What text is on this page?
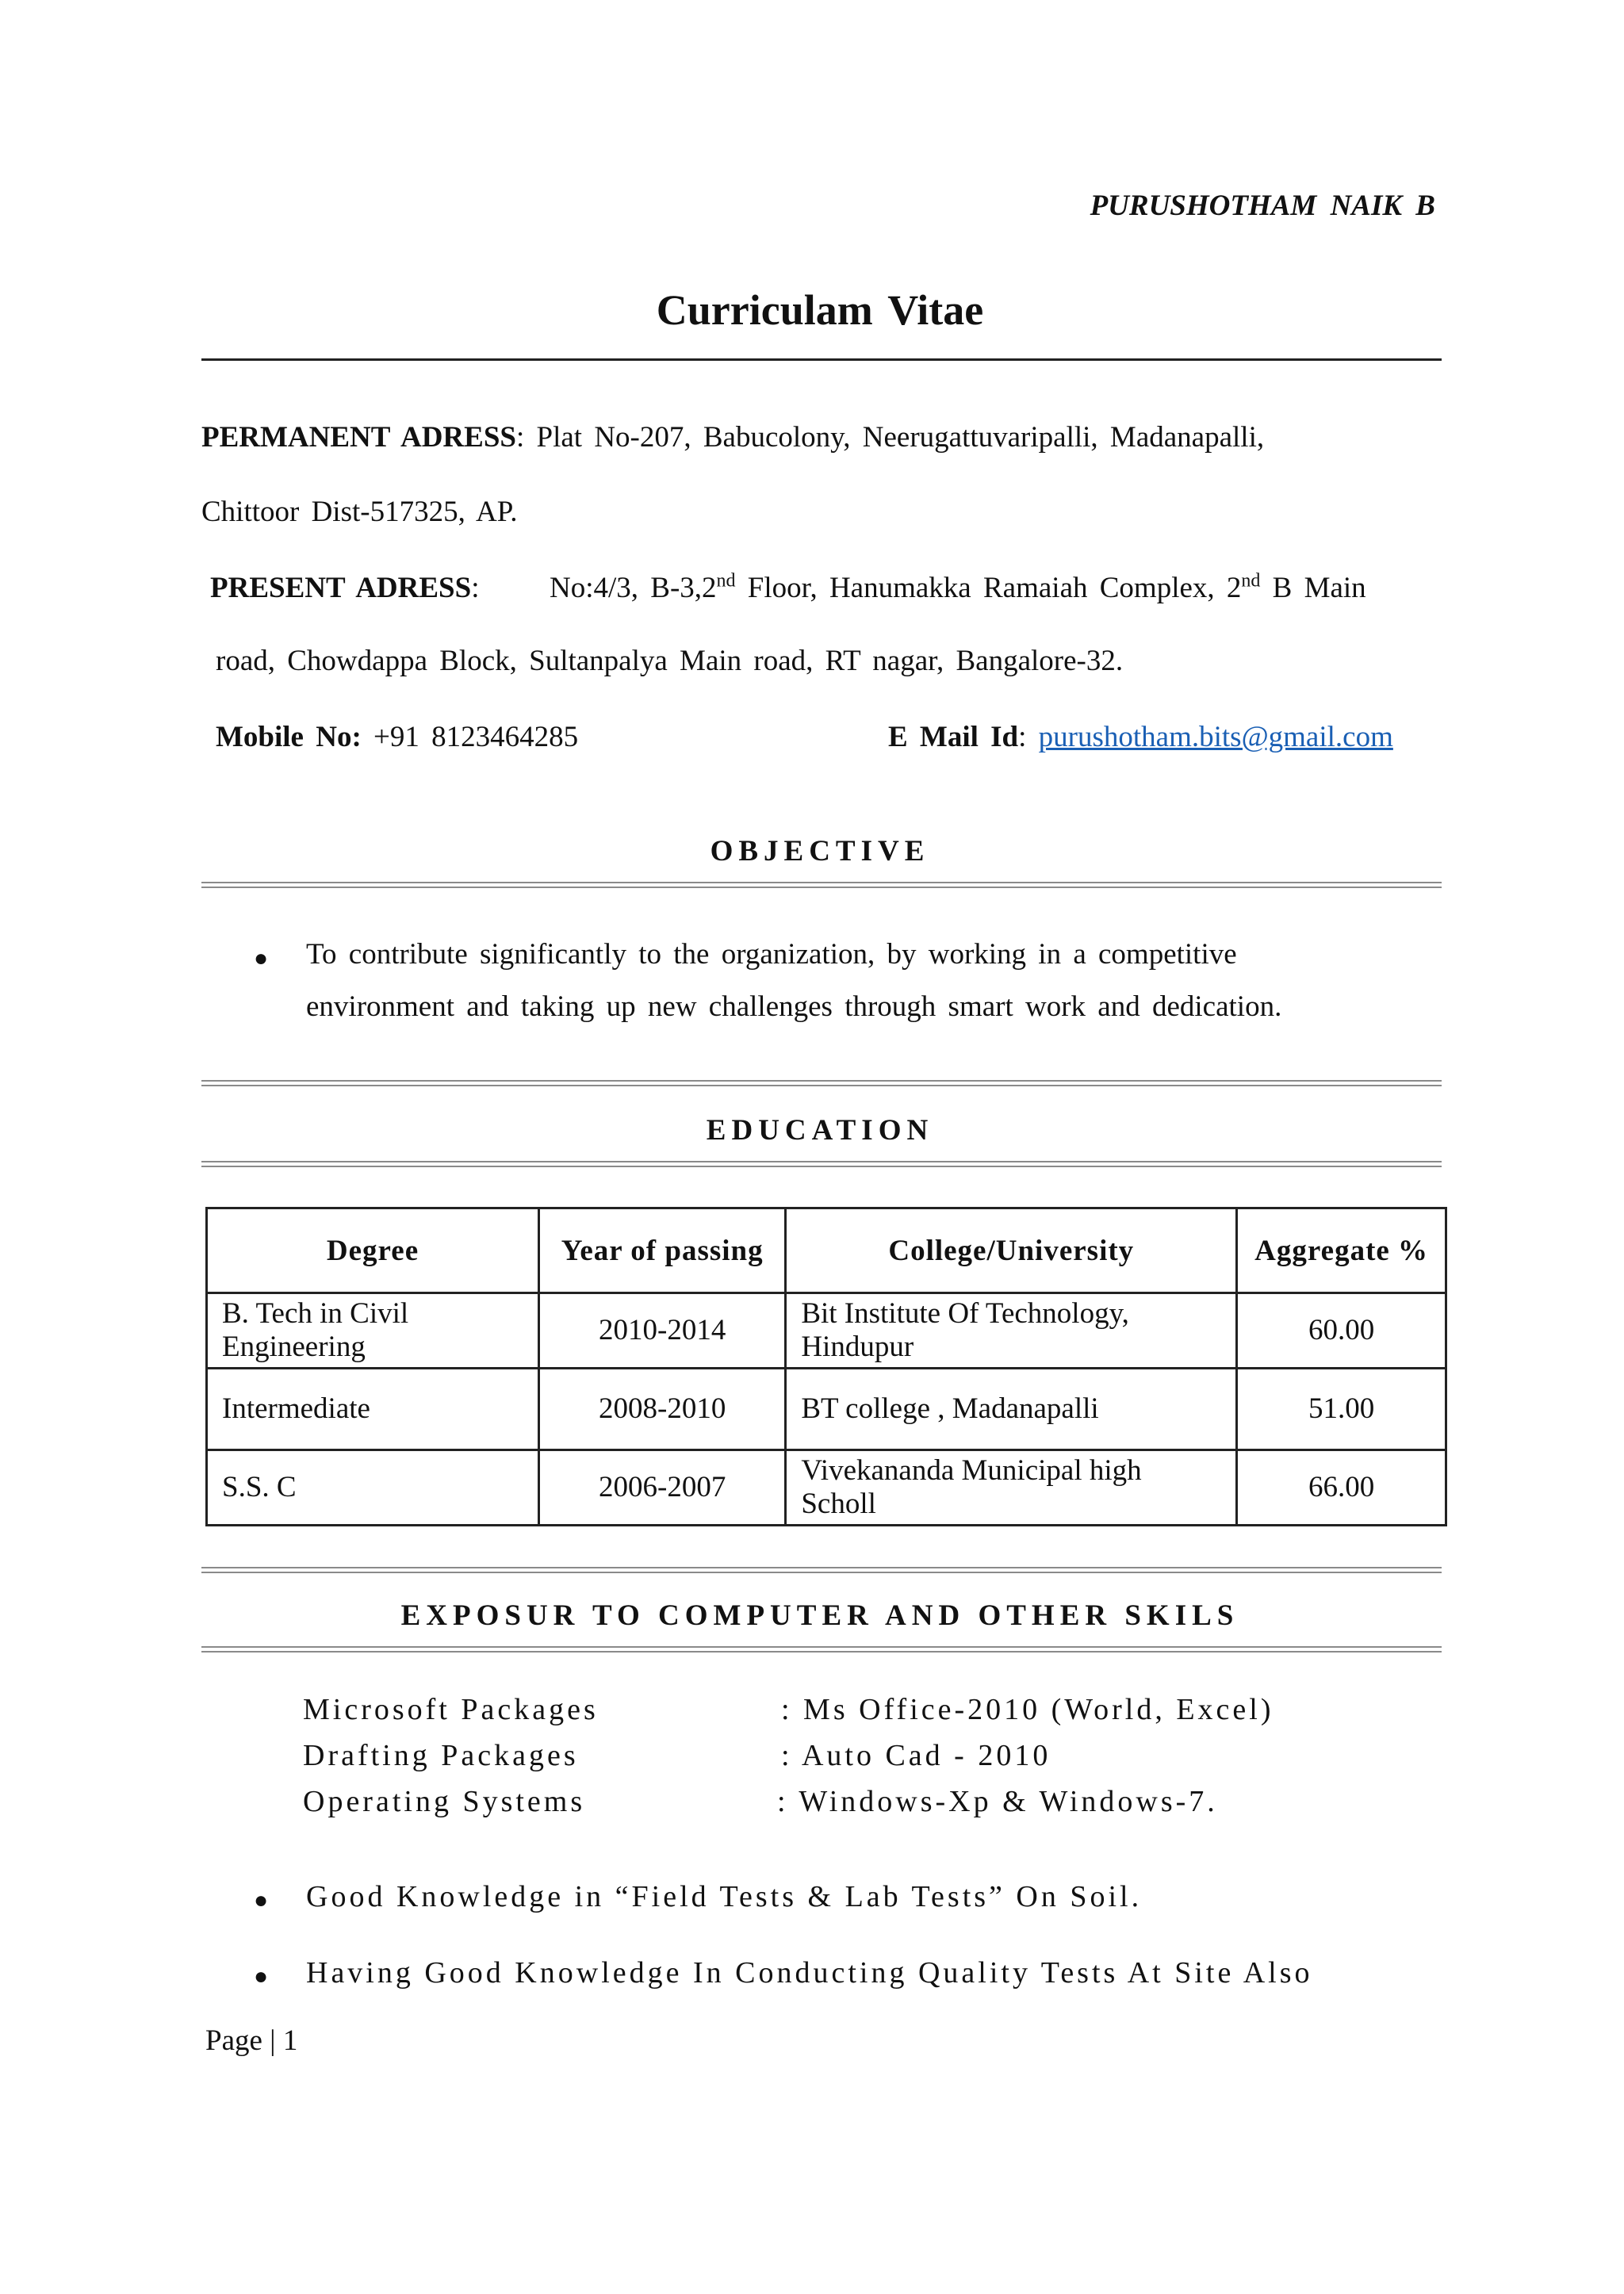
PURUSHOTHAM NAIK B
Curriculam Vitae
PERMANENT ADRESS: Plat No-207, Babucolony, Neerugattuvaripalli, Madanapalli,
Chittoor Dist-517325, AP.
PRESENT ADRESS:  No:4/3, B-3,2nd Floor, Hanumakka Ramaiah Complex, 2nd B Main
road, Chowdappa Block, Sultanpalya Main road, RT nagar, Bangalore-32.
Mobile No: +91 8123464285	E Mail Id: purushotham.bits@gmail.com
OBJECTIVE
● To contribute significantly to the organization, by working in a competitive
environment and taking up new challenges through smart work and dedication.
EDUCATION
Degree	Year of passing	College/University	Aggregate %
B. Tech in Civil Engineering	2010-2014	Bit Institute Of Technology, Hindupur	60.00
Intermediate	2008-2010	BT college , Madanapalli	51.00
S.S. C	2006-2007	Vivekananda Municipal high Scholl	66.00
EXPOSUR TO COMPUTER AND OTHER SKILS
Microsoft Packages	: Ms Office-2010 (World, Excel)
Drafting Packages	: Auto Cad - 2010
Operating Systems	: Windows-Xp & Windows-7.
● Good Knowledge in “Field Tests & Lab Tests” On Soil.
● Having Good Knowledge In Conducting Quality Tests At Site Also
Page | 1
